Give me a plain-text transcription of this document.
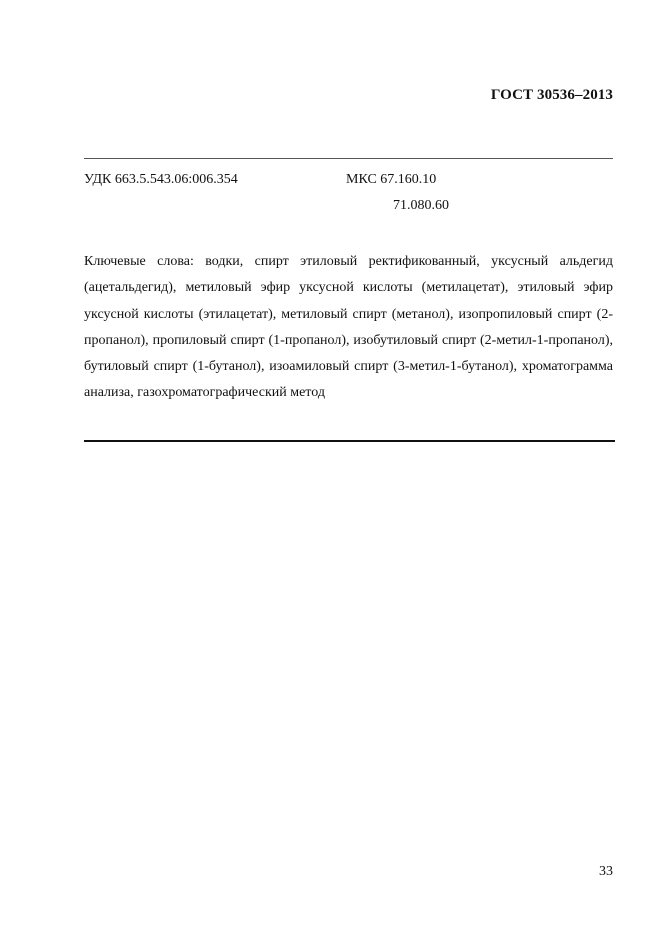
ГОСТ 30536–2013
УДК 663.5.543.06:006.354	МКС 67.160.10
71.080.60

Ключевые слова: водки, спирт этиловый ректификованный, уксусный альдегид (ацетальдегид), метиловый эфир уксусной кислоты (метилацетат), этиловый эфир уксусной кислоты (этилацетат), метиловый спирт (метанол), изопропиловый спирт (2-пропанол), пропиловый спирт (1-пропанол), изобутиловый спирт (2-метил-1-пропанол), бутиловый спирт (1-бутанол), изоамиловый спирт (3-метил-1-бутанол), хроматограмма анализа, газохроматографический метод

33
